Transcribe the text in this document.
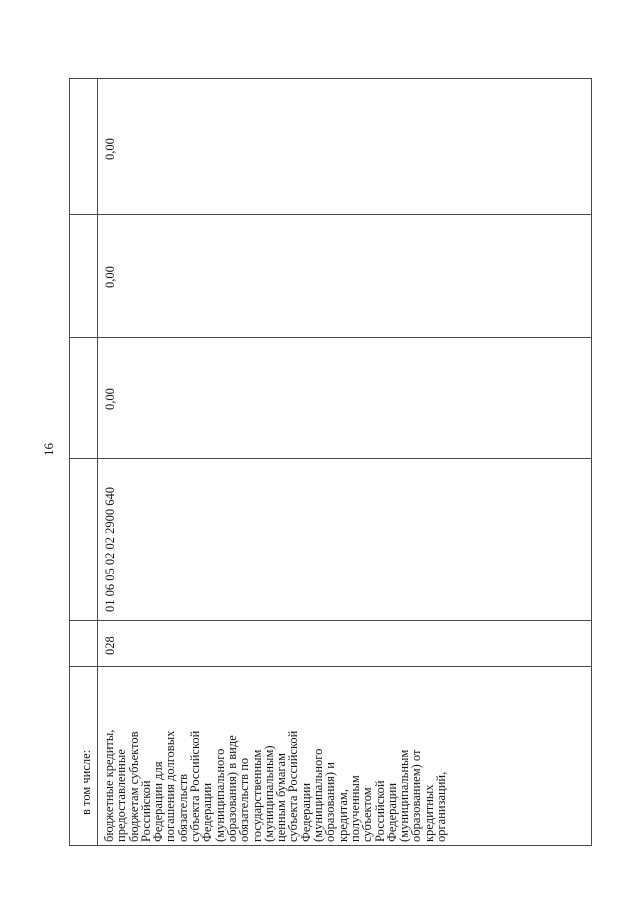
16
в том числе: бюджетные кредиты,
предоставленные
бюджетам субъектов
Российской
Федерации для
погашения долговых
обязательств
субъекта Российской
Федерации
(муниципального
образования) в виде
обязательств по
государственным
(муниципальным)
ценным бумагам
субъекта Российской
Федерации
(муниципального
образования) и
кредитам,
полученным
субъектом
Российской
Федерации
(муниципальным
образованием) от
кредитных
организаций,
028
01 06 05 02 02 2900 640
0,00
0,00
0,00
